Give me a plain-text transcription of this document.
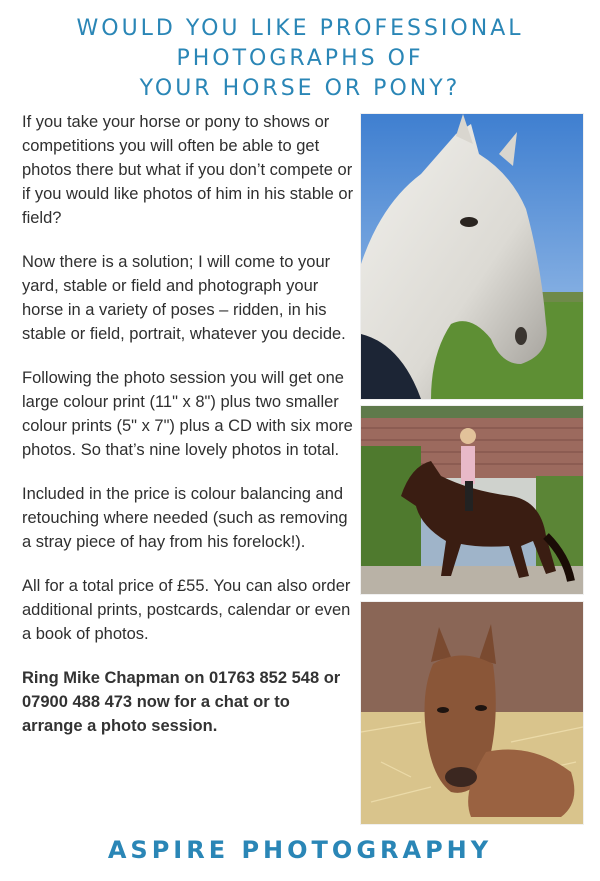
WOULD YOU LIKE PROFESSIONAL
PHOTOGRAPHS OF
YOUR HORSE OR PONY?

If you take your horse or pony to shows or competitions you will often be able to get photos there but what if you don’t compete or if you would like photos of him in his stable or field?

Now there is a solution; I will come to your yard, stable or field and photograph your horse in a variety of poses – ridden, in his stable or field, portrait, whatever you decide.

Following the photo session you will get one large colour print (11" x 8") plus two smaller colour prints (5" x 7") plus a CD with six more photos. So that’s nine lovely photos in total.

Included in the price is colour balancing and retouching where needed (such as removing a stray piece of hay from his forelock!).

All for a total price of £55. You can also order additional prints, postcards, calendar or even a book of photos.

Ring Mike Chapman on 01763 852 548 or 07900 488 473 now for a chat or to arrange a photo session.

ASPIRE PHOTOGRAPHY
